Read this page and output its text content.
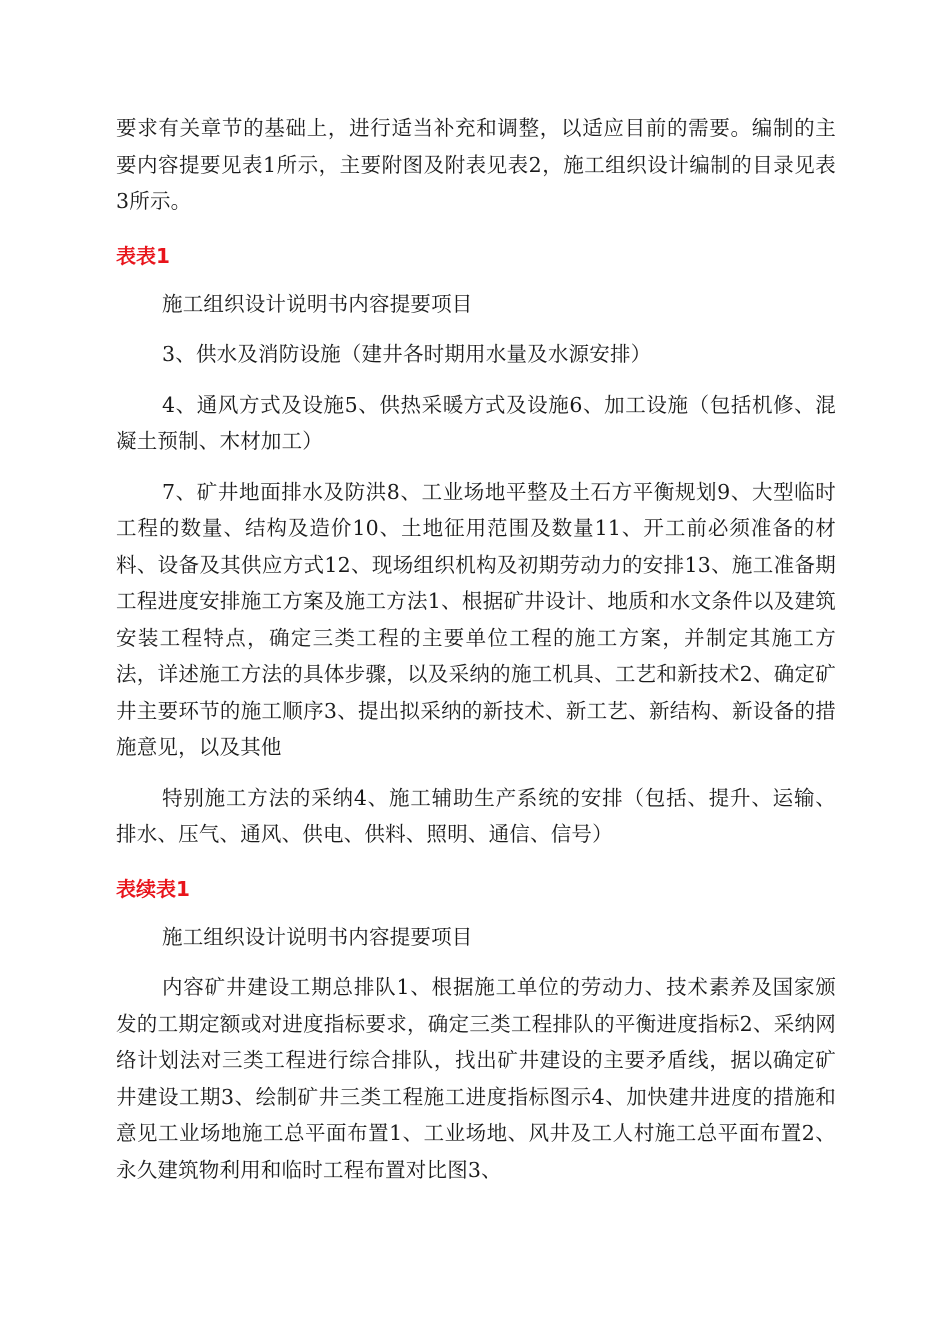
要求有关章节的基础上，进行适当补充和调整，以适应目前的需要。编制的主要内容提要见表1所示，主要附图及附表见表2，施工组织设计编制的目录见表3所示。

表表1

施工组织设计说明书内容提要项目

3、供水及消防设施（建井各时期用水量及水源安排）

4、通风方式及设施5、供热采暖方式及设施6、加工设施（包括机修、混凝土预制、木材加工）

7、矿井地面排水及防洪8、工业场地平整及土石方平衡规划9、大型临时工程的数量、结构及造价10、土地征用范围及数量11、开工前必须准备的材料、设备及其供应方式12、现场组织机构及初期劳动力的安排13、施工准备期工程进度安排施工方案及施工方法1、根据矿井设计、地质和水文条件以及建筑安装工程特点，确定三类工程的主要单位工程的施工方案，并制定其施工方法，详述施工方法的具体步骤，以及采纳的施工机具、工艺和新技术2、确定矿井主要环节的施工顺序3、提出拟采纳的新技术、新工艺、新结构、新设备的措施意见，以及其他

特别施工方法的采纳4、施工辅助生产系统的安排（包括、提升、运输、排水、压气、通风、供电、供料、照明、通信、信号）

表续表1

施工组织设计说明书内容提要项目

内容矿井建设工期总排队1、根据施工单位的劳动力、技术素养及国家颁发的工期定额或对进度指标要求，确定三类工程排队的平衡进度指标2、采纳网络计划法对三类工程进行综合排队，找出矿井建设的主要矛盾线，据以确定矿井建设工期3、绘制矿井三类工程施工进度指标图示4、加快建井进度的措施和意见工业场地施工总平面布置1、工业场地、风井及工人村施工总平面布置2、永久建筑物利用和临时工程布置对比图3、
